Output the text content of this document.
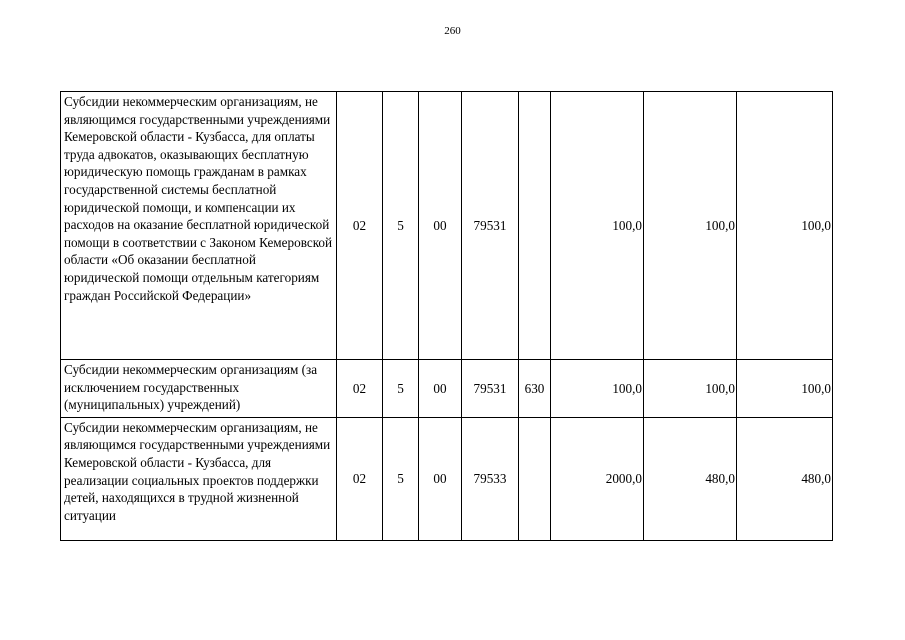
260
Субсидии некоммерческим организациям, не являющимся государственными учреждениями Кемеровской области - Кузбасса, для оплаты труда адвокатов, оказывающих бесплатную юридическую помощь гражданам в рамках государственной системы бесплатной юридической помощи, и компенсации их расходов на оказание бесплатной юридической помощи в соответствии с Законом Кемеровской области «Об оказании бесплатной юридической помощи отдельным категориям граждан Российской Федерации»	02	5	00	79531		100,0	100,0	100,0
Субсидии некоммерческим организациям (за исключением государственных (муниципальных) учреждений)	02	5	00	79531	630	100,0	100,0	100,0
Субсидии некоммерческим организациям, не являющимся государственными учреждениями Кемеровской области - Кузбасса, для реализации социальных проектов поддержки детей, находящихся в трудной жизненной ситуации	02	5	00	79533		2000,0	480,0	480,0
